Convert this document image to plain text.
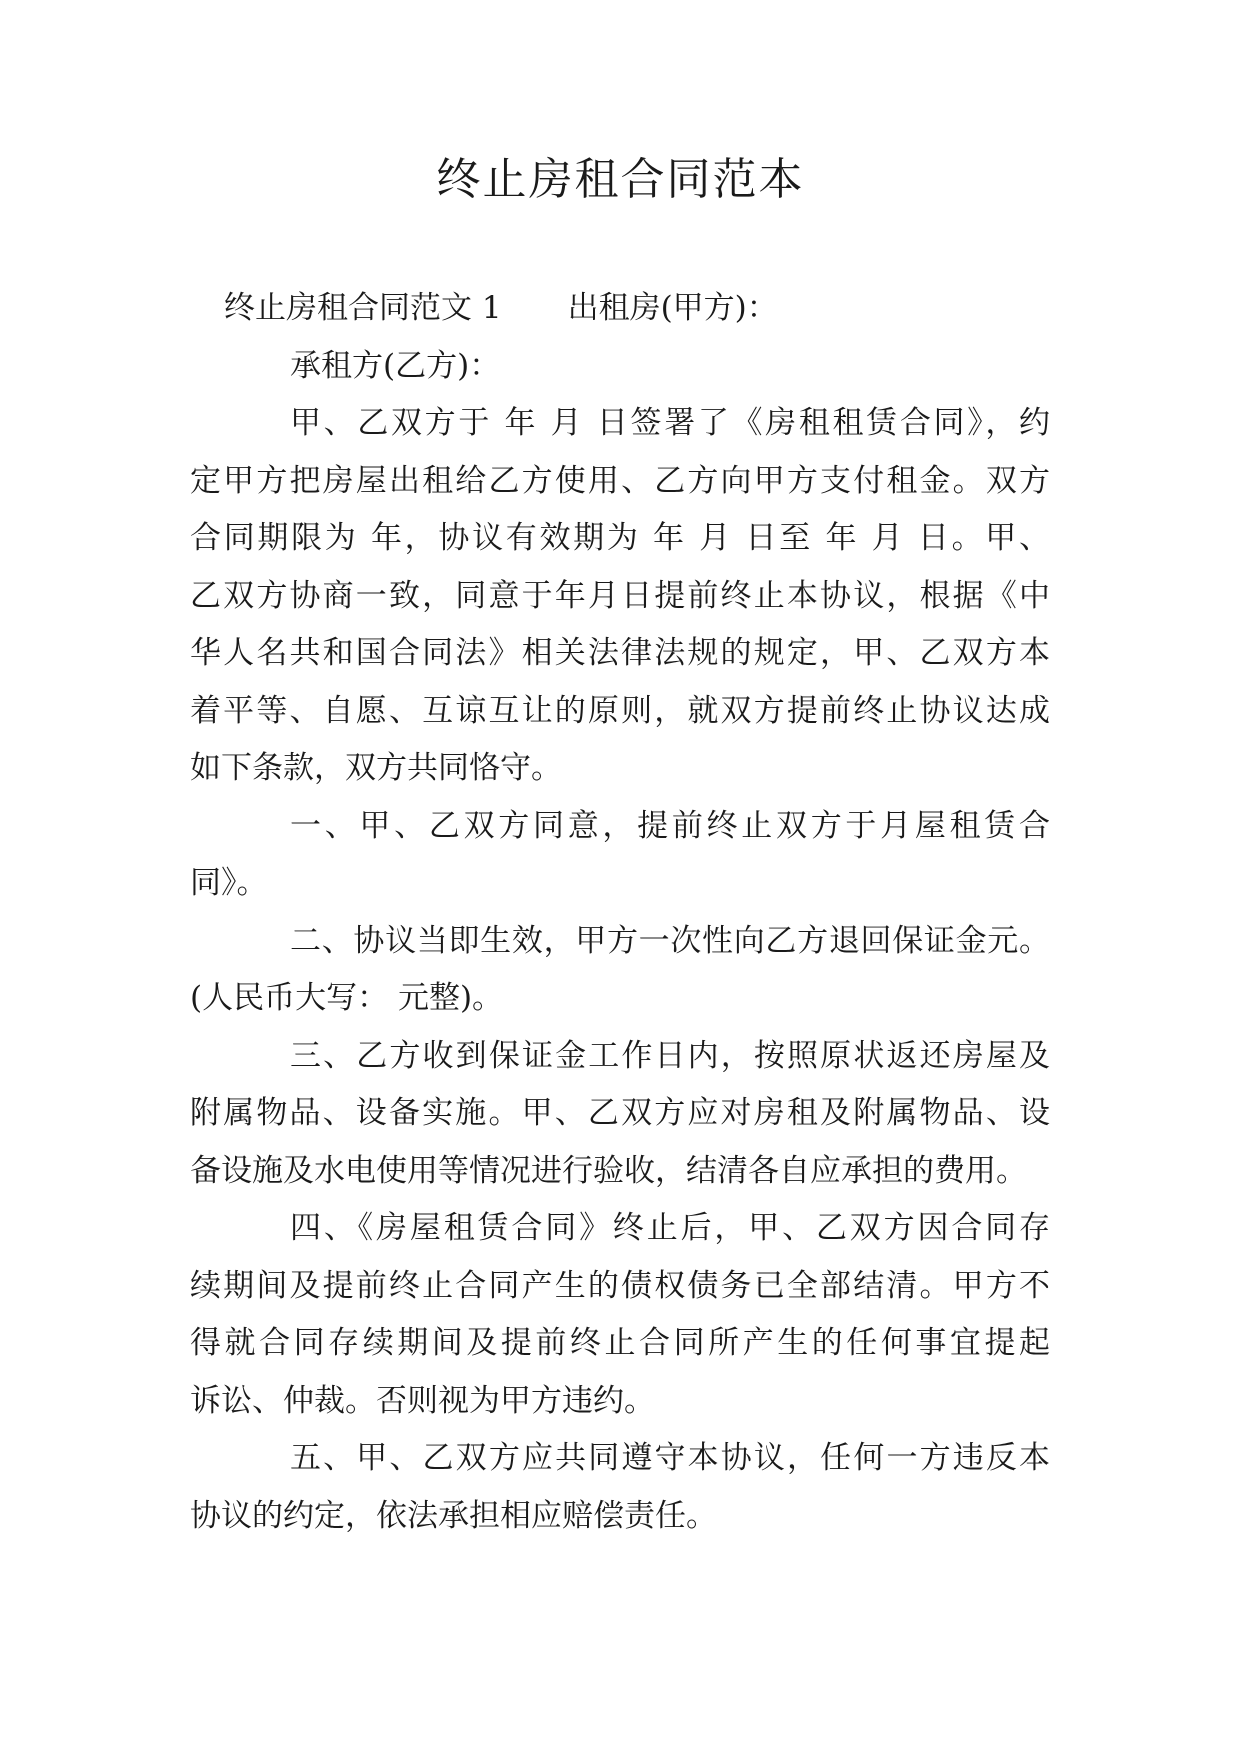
终止房租合同范本
终止房租合同范文 1 出租房(甲方)：
承租方(乙方)：
甲、乙双方于 年 月 日签署了《房租租赁合同》，约
定甲方把房屋出租给乙方使用、乙方向甲方支付租金。双方
合同期限为 年，协议有效期为 年 月 日至 年 月 日。甲、
乙双方协商一致，同意于年月日提前终止本协议，根据《中
华人名共和国合同法》相关法律法规的规定，甲、乙双方本
着平等、自愿、互谅互让的原则，就双方提前终止协议达成
如下条款，双方共同恪守。
一、甲、乙双方同意，提前终止双方于月屋租赁合
同》。
二、协议当即生效，甲方一次性向乙方退回保证金元。
(人民币大写： 元整)。
三、乙方收到保证金工作日内，按照原状返还房屋及
附属物品、设备实施。甲、乙双方应对房租及附属物品、设
备设施及水电使用等情况进行验收，结清各自应承担的费用。
四、《房屋租赁合同》终止后，甲、乙双方因合同存
续期间及提前终止合同产生的债权债务已全部结清。甲方不
得就合同存续期间及提前终止合同所产生的任何事宜提起
诉讼、仲裁。否则视为甲方违约。
五、甲、乙双方应共同遵守本协议，任何一方违反本
协议的约定，依法承担相应赔偿责任。
